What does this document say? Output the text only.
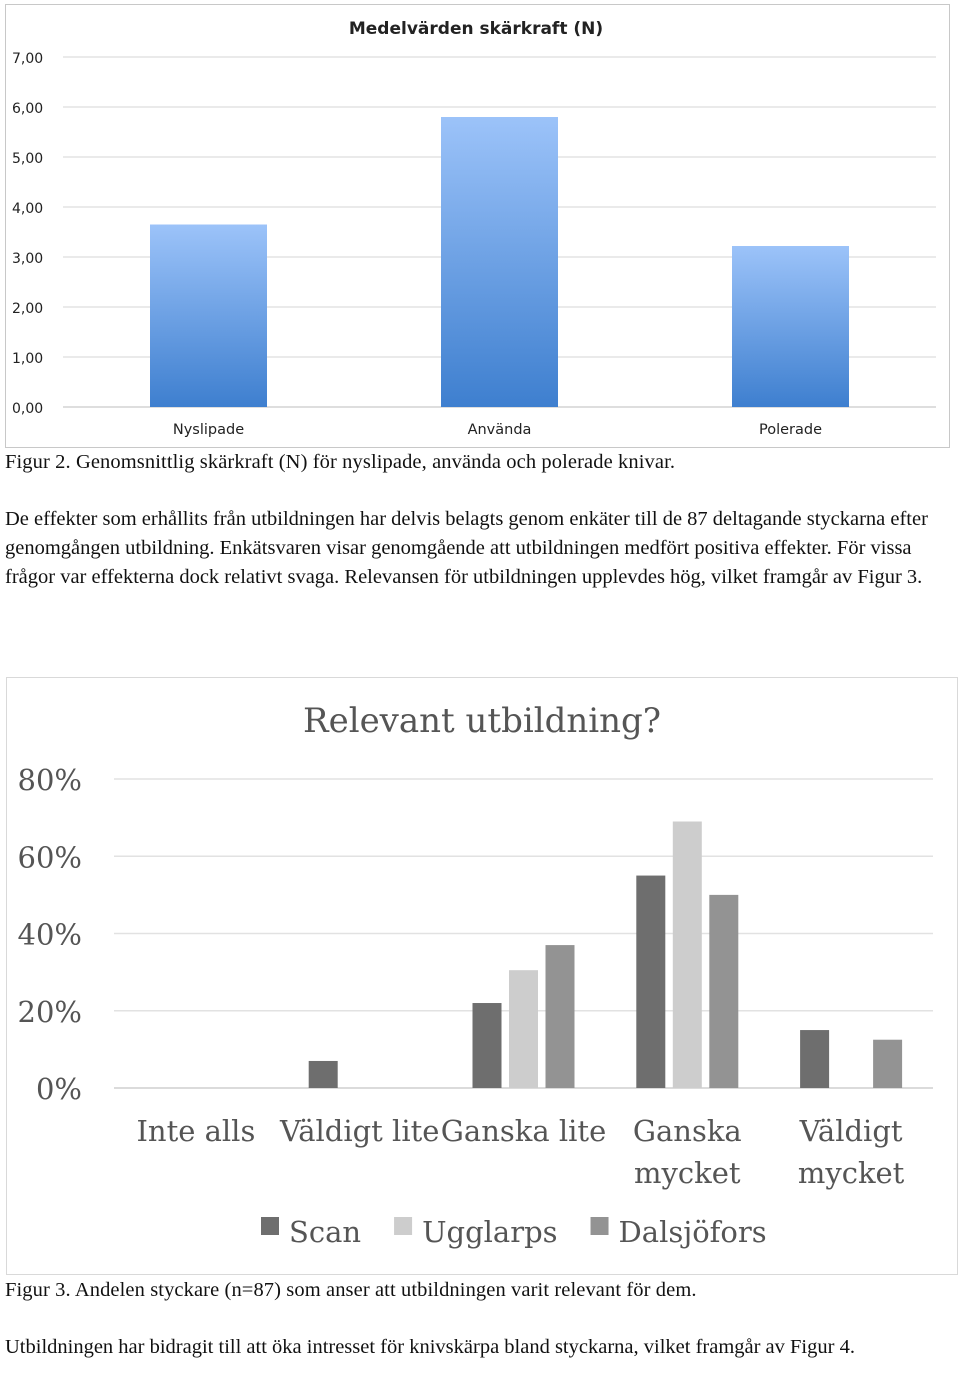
Medelvärden skärkraft (N)
0,00
1,00
2,00
3,00
4,00
5,00
6,00
7,00
Nyslipade	Använda	Polerade

Figur 2. Genomsnittlig skärkraft (N) för nyslipade, använda och polerade knivar.

De effekter som erhållits från utbildningen har delvis belagts genom enkäter till de 87 deltagande styckarna efter genomgången utbildning. Enkätsvaren visar genomgående att utbildningen medfört positiva effekter. För vissa frågor var effekterna dock relativt svaga. Relevansen för utbildningen upplevdes hög, vilket framgår av Figur 3.

Relevant utbildning?
0%
20%
40%
60%
80%
Inte alls Väldigt lite Ganska lite Ganska mycket
Väldigt mycket
Scan Ugglarps Dalsjöfors

Figur 3. Andelen styckare (n=87) som anser att utbildningen varit relevant för dem.

Utbildningen har bidragit till att öka intresset för knivskärpa bland styckarna, vilket framgår av Figur 4.
